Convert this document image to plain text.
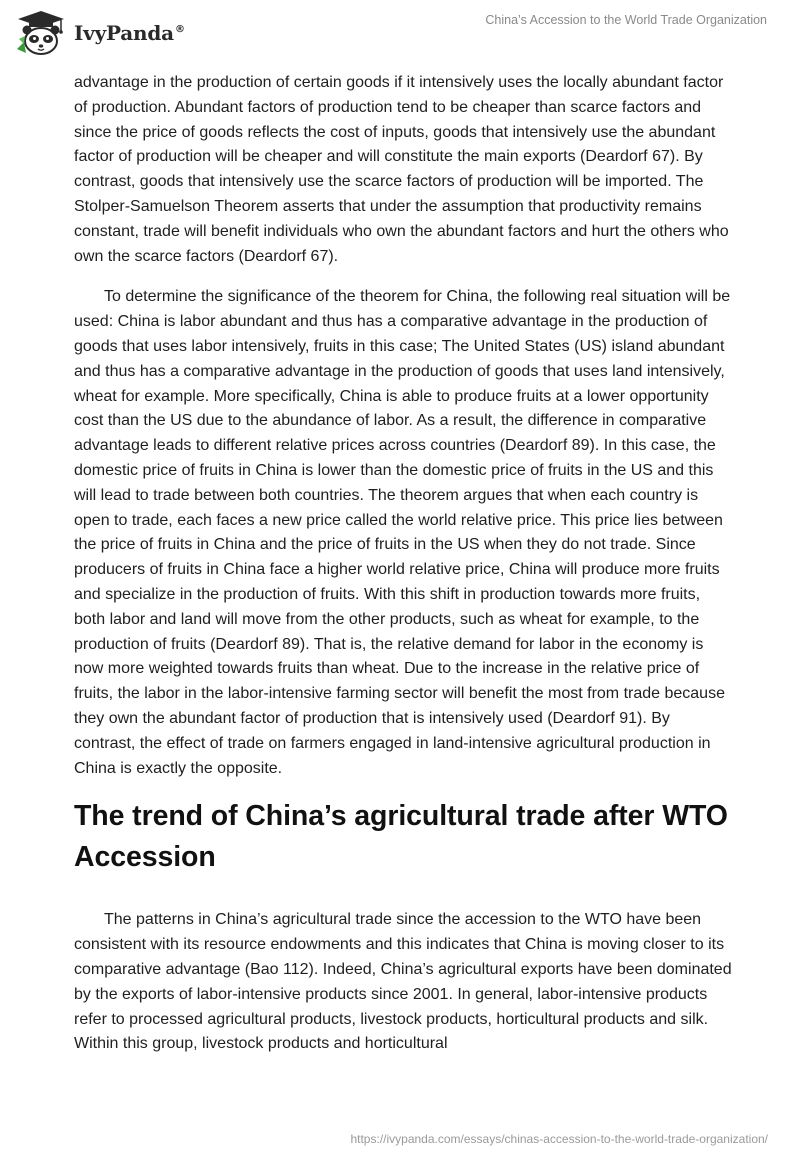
IvyPanda®
China’s Accession to the World Trade Organization

advantage in the production of certain goods if it intensively uses the locally abundant factor of production. Abundant factors of production tend to be cheaper than scarce factors and since the price of goods reflects the cost of inputs, goods that intensively use the abundant factor of production will be cheaper and will constitute the main exports (Deardorf 67). By contrast, goods that intensively use the scarce factors of production will be imported. The Stolper-Samuelson Theorem asserts that under the assumption that productivity remains constant, trade will benefit individuals who own the abundant factors and hurt the others who own the scarce factors (Deardorf 67).

To determine the significance of the theorem for China, the following real situation will be used: China is labor abundant and thus has a comparative advantage in the production of goods that uses labor intensively, fruits in this case; The United States (US) island abundant and thus has a comparative advantage in the production of goods that uses land intensively, wheat for example. More specifically, China is able to produce fruits at a lower opportunity cost than the US due to the abundance of labor. As a result, the difference in comparative advantage leads to different relative prices across countries (Deardorf 89). In this case, the domestic price of fruits in China is lower than the domestic price of fruits in the US and this will lead to trade between both countries. The theorem argues that when each country is open to trade, each faces a new price called the world relative price. This price lies between the price of fruits in China and the price of fruits in the US when they do not trade. Since producers of fruits in China face a higher world relative price, China will produce more fruits and specialize in the production of fruits. With this shift in production towards more fruits, both labor and land will move from the other products, such as wheat for example, to the production of fruits (Deardorf 89). That is, the relative demand for labor in the economy is now more weighted towards fruits than wheat. Due to the increase in the relative price of fruits, the labor in the labor-intensive farming sector will benefit the most from trade because they own the abundant factor of production that is intensively used (Deardorf 91). By contrast, the effect of trade on farmers engaged in land-intensive agricultural production in China is exactly the opposite.

The trend of China’s agricultural trade after WTO Accession

The patterns in China’s agricultural trade since the accession to the WTO have been consistent with its resource endowments and this indicates that China is moving closer to its comparative advantage (Bao 112). Indeed, China’s agricultural exports have been dominated by the exports of labor-intensive products since 2001. In general, labor-intensive products refer to processed agricultural products, livestock products, horticultural products and silk. Within this group, livestock products and horticultural

https://ivypanda.com/essays/chinas-accession-to-the-world-trade-organization/
